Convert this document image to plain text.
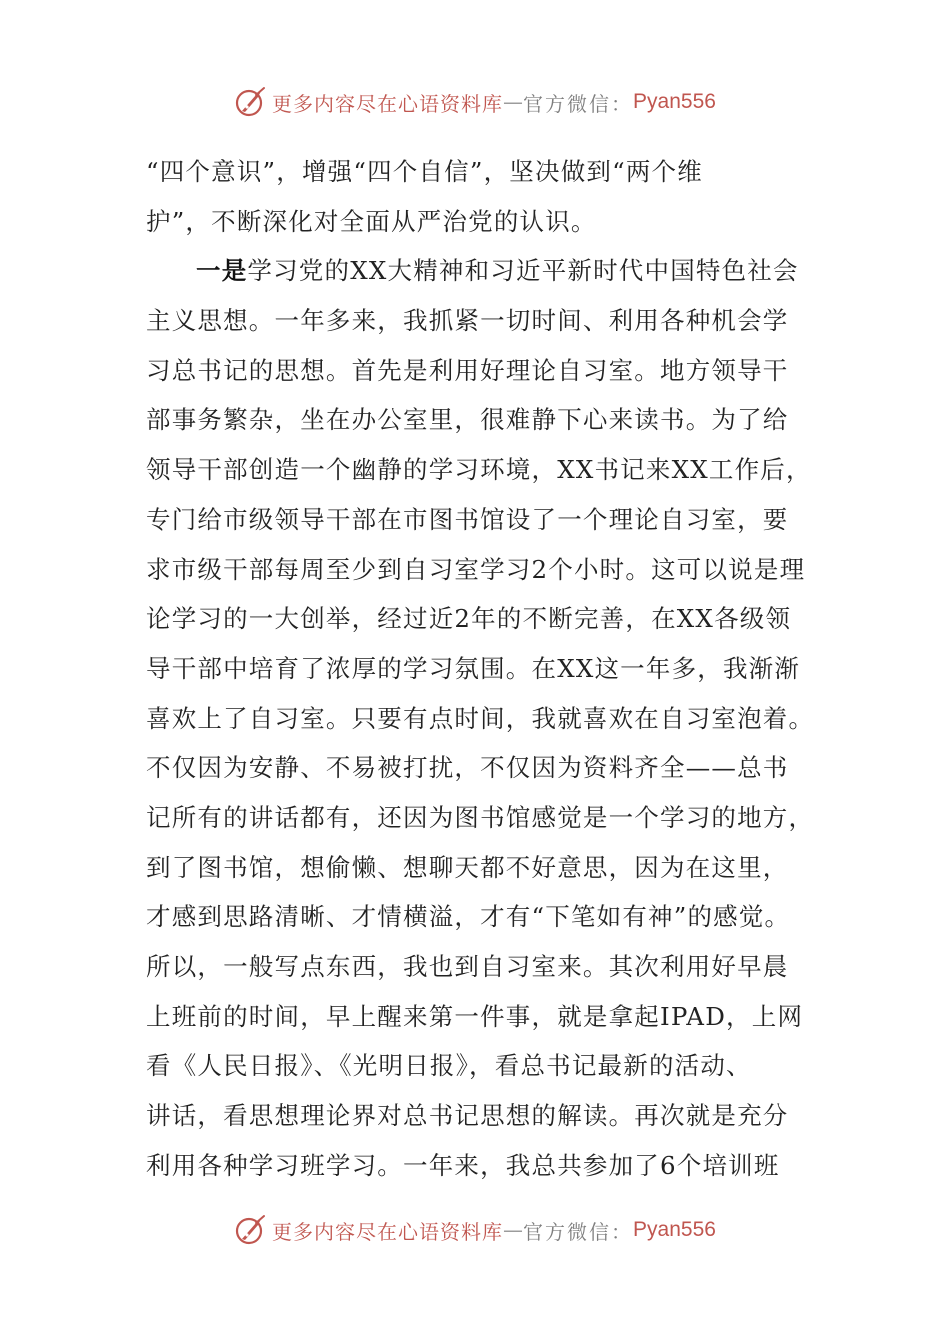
更多内容尽在心语资料库 — 官方微信： Pyan556
“四个意识”，增强“四个自信”，坚决做到“两个维
护”，不断深化对全面从严治党的认识。
一是学习党的XX大精神和习近平新时代中国特色社会
主义思想。一年多来，我抓紧一切时间、利用各种机会学
习总书记的思想。首先是利用好理论自习室。地方领导干
部事务繁杂，坐在办公室里，很难静下心来读书。为了给
领导干部创造一个幽静的学习环境，XX书记来XX工作后，
专门给市级领导干部在市图书馆设了一个理论自习室，要
求市级干部每周至少到自习室学习2个小时。这可以说是理
论学习的一大创举，经过近2年的不断完善，在XX各级领
导干部中培育了浓厚的学习氛围。在XX这一年多，我渐渐
喜欢上了自习室。只要有点时间，我就喜欢在自习室泡着。
不仅因为安静、不易被打扰，不仅因为资料齐全——总书
记所有的讲话都有，还因为图书馆感觉是一个学习的地方，
到了图书馆，想偷懒、想聊天都不好意思，因为在这里，
才感到思路清晰、才情横溢，才有“下笔如有神”的感觉。
所以，一般写点东西，我也到自习室来。其次利用好早晨
上班前的时间，早上醒来第一件事，就是拿起IPAD，上网
看《人民日报》、《光明日报》，看总书记最新的活动、
讲话，看思想理论界对总书记思想的解读。再次就是充分
利用各种学习班学习。一年来，我总共参加了6个培训班
更多内容尽在心语资料库 — 官方微信： Pyan556
